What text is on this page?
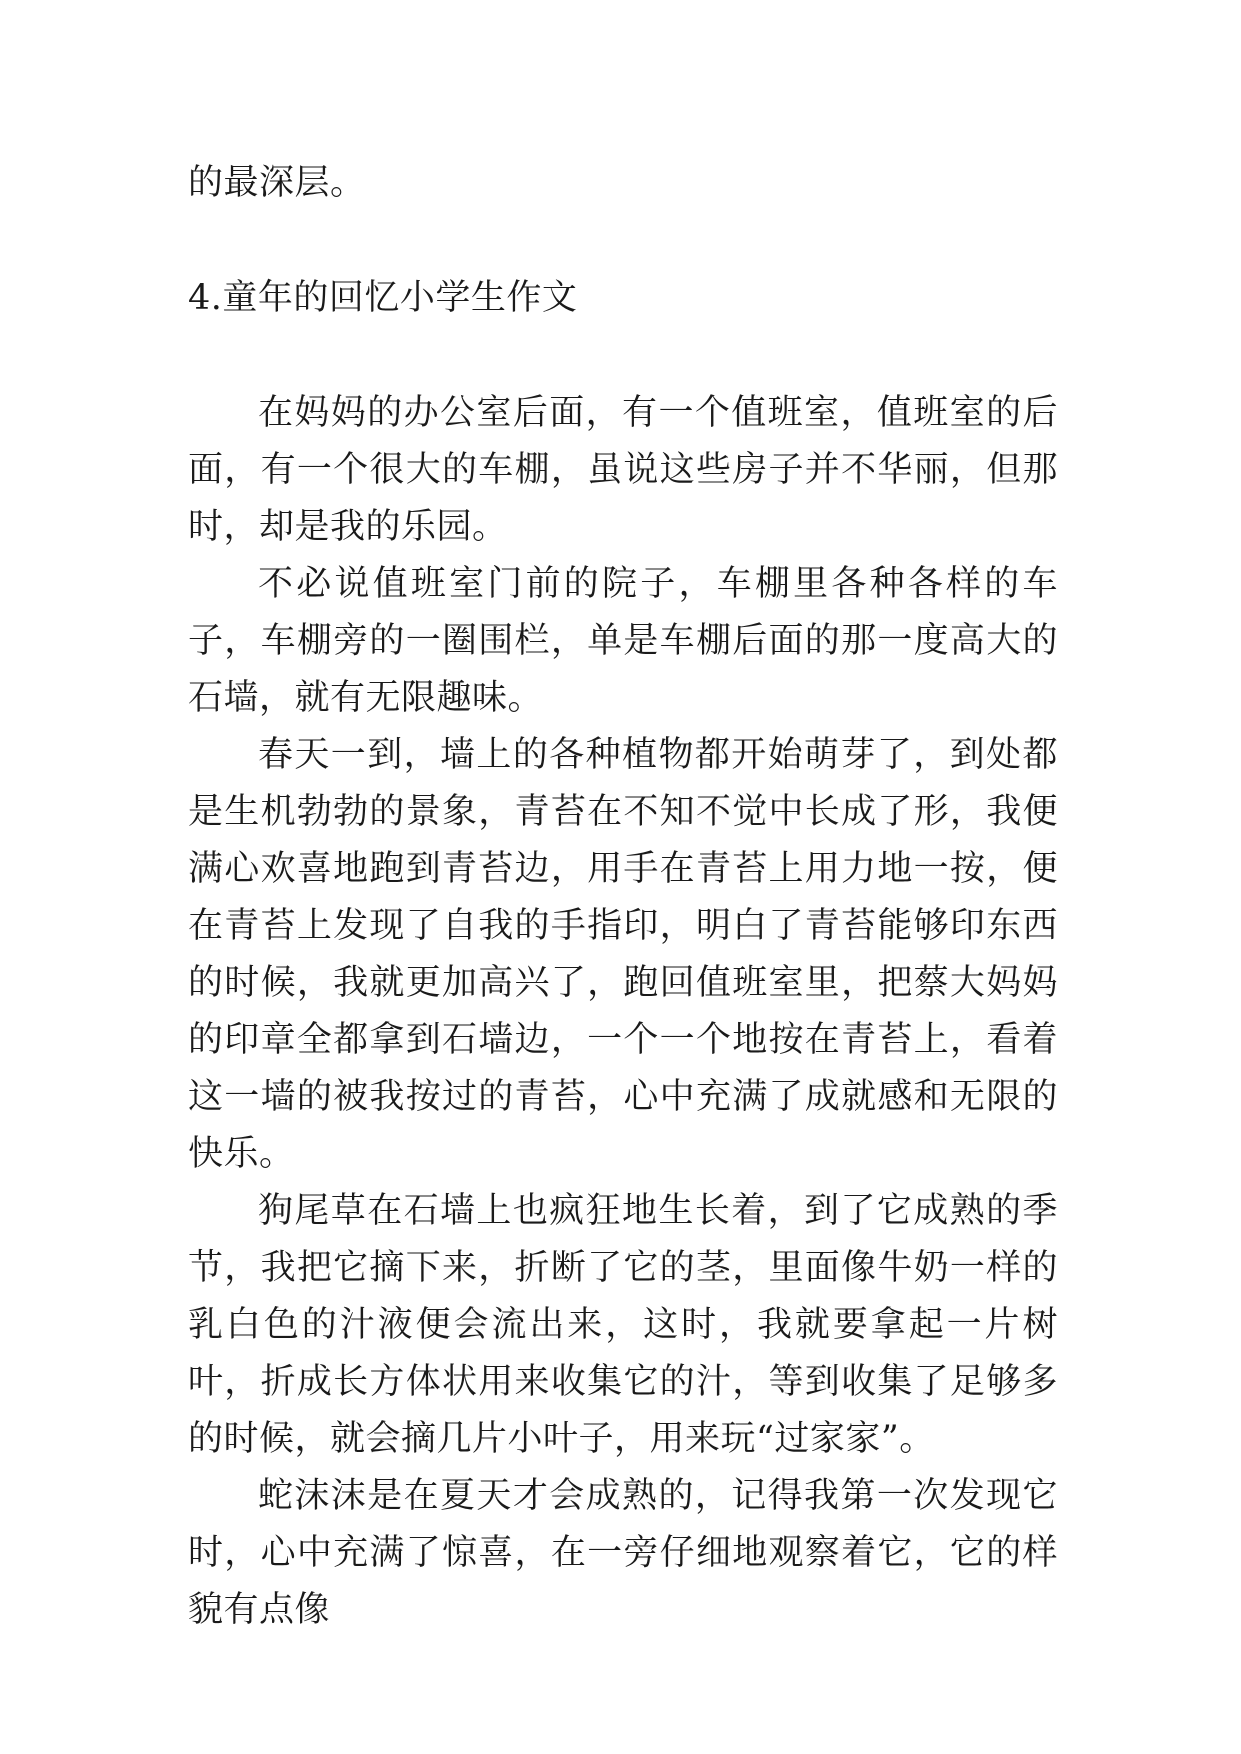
的最深层。
4.童年的回忆小学生作文

在妈妈的办公室后面，有一个值班室，值班室的后面，有一个很大的车棚，虽说这些房子并不华丽，但那时，却是我的乐园。

不必说值班室门前的院子，车棚里各种各样的车子，车棚旁的一圈围栏，单是车棚后面的那一度高大的石墙，就有无限趣味。

春天一到，墙上的各种植物都开始萌芽了，到处都是生机勃勃的景象，青苔在不知不觉中长成了形，我便满心欢喜地跑到青苔边，用手在青苔上用力地一按，便在青苔上发现了自我的手指印，明白了青苔能够印东西的时候，我就更加高兴了，跑回值班室里，把蔡大妈妈的印章全都拿到石墙边，一个一个地按在青苔上，看着这一墙的被我按过的青苔，心中充满了成就感和无限的快乐。

狗尾草在石墙上也疯狂地生长着，到了它成熟的季节，我把它摘下来，折断了它的茎，里面像牛奶一样的乳白色的汁液便会流出来，这时，我就要拿起一片树叶，折成长方体状用来收集它的汁，等到收集了足够多的时候，就会摘几片小叶子，用来玩“过家家”。

蛇沫沫是在夏天才会成熟的，记得我第一次发现它时，心中充满了惊喜，在一旁仔细地观察着它，它的样貌有点像
